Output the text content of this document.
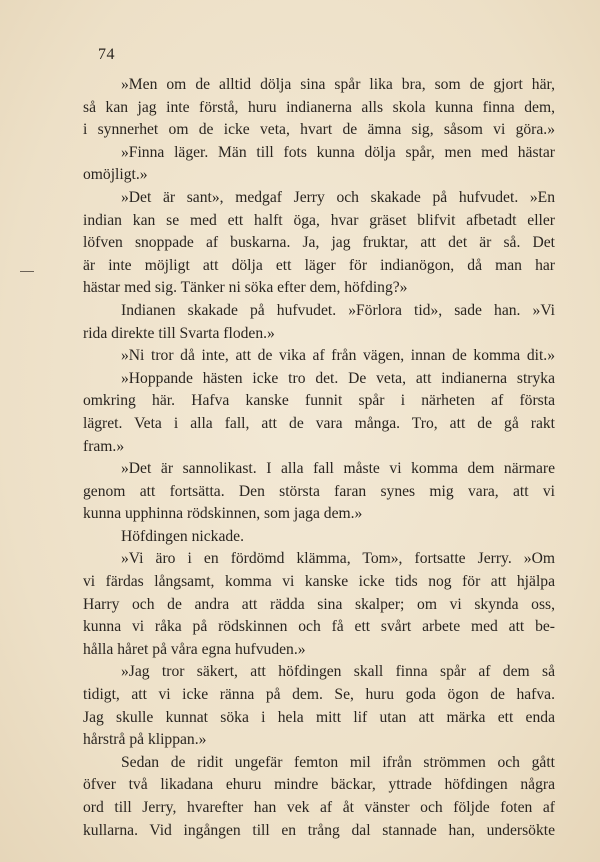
74
»Men om de alltid dölja sina spår lika bra, som de gjort här,
så kan jag inte förstå, huru indianerna alls skola kunna finna dem,
i synnerhet om de icke veta, hvart de ämna sig, såsom vi göra.»
»Finna läger. Män till fots kunna dölja spår, men med hästar
omöjligt.»
»Det är sant», medgaf Jerry och skakade på hufvudet. »En
indian kan se med ett halft öga, hvar gräset blifvit afbetadt eller
löfven snoppade af buskarna. Ja, jag fruktar, att det är så. Det
är inte möjligt att dölja ett läger för indianögon, då man har
hästar med sig. Tänker ni söka efter dem, höfding?»
Indianen skakade på hufvudet. »Förlora tid», sade han. »Vi
rida direkte till Svarta floden.»
»Ni tror då inte, att de vika af från vägen, innan de komma dit.»
»Hoppande hästen icke tro det. De veta, att indianerna stryka
omkring här. Hafva kanske funnit spår i närheten af första
lägret. Veta i alla fall, att de vara många. Tro, att de gå rakt
fram.»
»Det är sannolikast. I alla fall måste vi komma dem närmare
genom att fortsätta. Den största faran synes mig vara, att vi
kunna upphinna rödskinnen, som jaga dem.»
Höfdingen nickade.
»Vi äro i en fördömd klämma, Tom», fortsatte Jerry. »Om
vi färdas långsamt, komma vi kanske icke tids nog för att hjälpa
Harry och de andra att rädda sina skalper; om vi skynda oss,
kunna vi råka på rödskinnen och få ett svårt arbete med att be-
hålla håret på våra egna hufvuden.»
»Jag tror säkert, att höfdingen skall finna spår af dem så
tidigt, att vi icke ränna på dem. Se, huru goda ögon de hafva.
Jag skulle kunnat söka i hela mitt lif utan att märka ett enda
hårstrå på klippan.»
Sedan de ridit ungefär femton mil ifrån strömmen och gått
öfver två likadana ehuru mindre bäckar, yttrade höfdingen några
ord till Jerry, hvarefter han vek af åt vänster och följde foten af
kullarna. Vid ingången till en trång dal stannade han, undersökte
